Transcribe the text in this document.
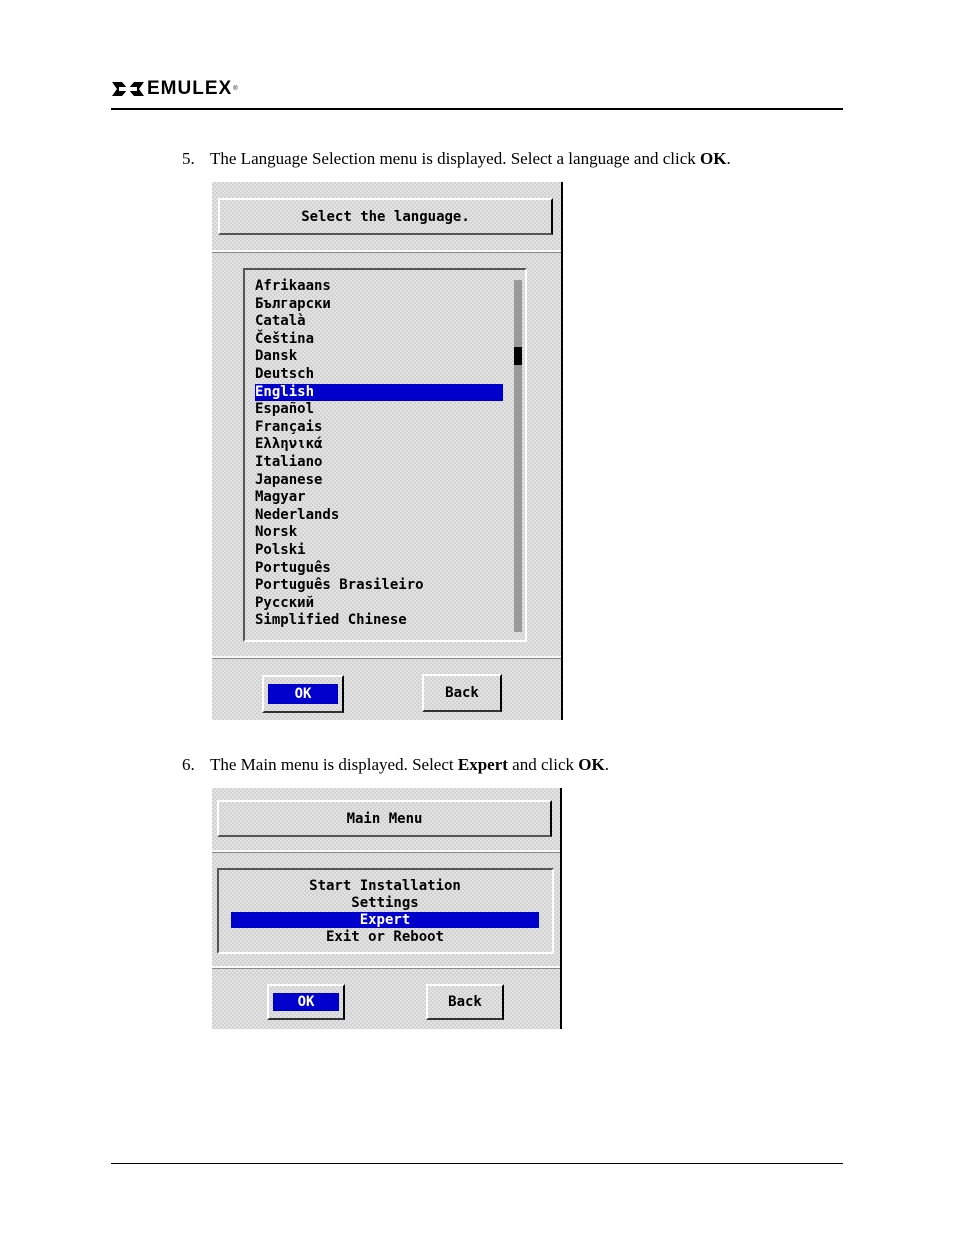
EMULEX ®
5. The Language Selection menu is displayed. Select a language and click OK.
Select the language.
Afrikaans
Български
Català
Čeština
Dansk
Deutsch
English
Español
Français
Ελληνικά
Italiano
Japanese
Magyar
Nederlands
Norsk
Polski
Português
Português Brasileiro
Русский
Simplified Chinese
OK	Back
6. The Main menu is displayed. Select Expert and click OK.
Main Menu
Start Installation
Settings
Expert
Exit or Reboot
OK	Back
